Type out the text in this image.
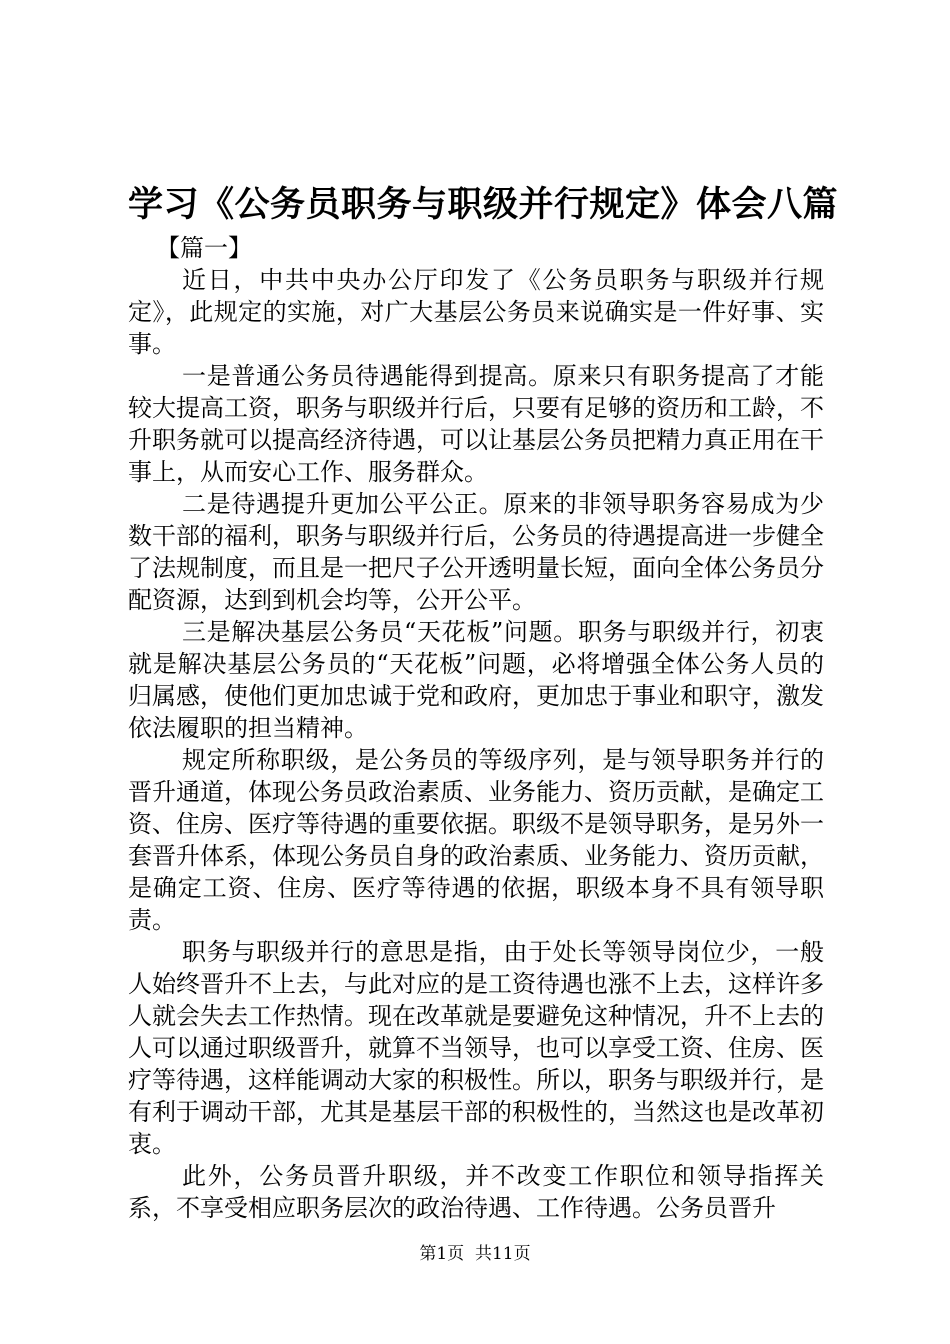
学习《公务员职务与职级并行规定》体会八篇

【篇一】

近日，中共中央办公厅印发了《公务员职务与职级并行规定》，此规定的实施，对广大基层公务员来说确实是一件好事、实事。

一是普通公务员待遇能得到提高。原来只有职务提高了才能较大提高工资，职务与职级并行后，只要有足够的资历和工龄，不升职务就可以提高经济待遇，可以让基层公务员把精力真正用在干事上，从而安心工作、服务群众。

二是待遇提升更加公平公正。原来的非领导职务容易成为少数干部的福利，职务与职级并行后，公务员的待遇提高进一步健全了法规制度，而且是一把尺子公开透明量长短，面向全体公务员分配资源，达到到机会均等，公开公平。

三是解决基层公务员“天花板”问题。职务与职级并行，初衷就是解决基层公务员的“天花板”问题，必将增强全体公务人员的归属感，使他们更加忠诚于党和政府，更加忠于事业和职守，激发依法履职的担当精神。

规定所称职级，是公务员的等级序列，是与领导职务并行的晋升通道，体现公务员政治素质、业务能力、资历贡献，是确定工资、住房、医疗等待遇的重要依据。职级不是领导职务，是另外一套晋升体系，体现公务员自身的政治素质、业务能力、资历贡献，是确定工资、住房、医疗等待遇的依据，职级本身不具有领导职责。

职务与职级并行的意思是指，由于处长等领导岗位少，一般人始终晋升不上去，与此对应的是工资待遇也涨不上去，这样许多人就会失去工作热情。现在改革就是要避免这种情况，升不上去的人可以通过职级晋升，就算不当领导，也可以享受工资、住房、医疗等待遇，这样能调动大家的积极性。所以，职务与职级并行，是有利于调动干部，尤其是基层干部的积极性的，当然这也是改革初衷。

此外，公务员晋升职级，并不改变工作职位和领导指挥关系，不享受相应职务层次的政治待遇、工作待遇。公务员晋升

第1页  共11页
